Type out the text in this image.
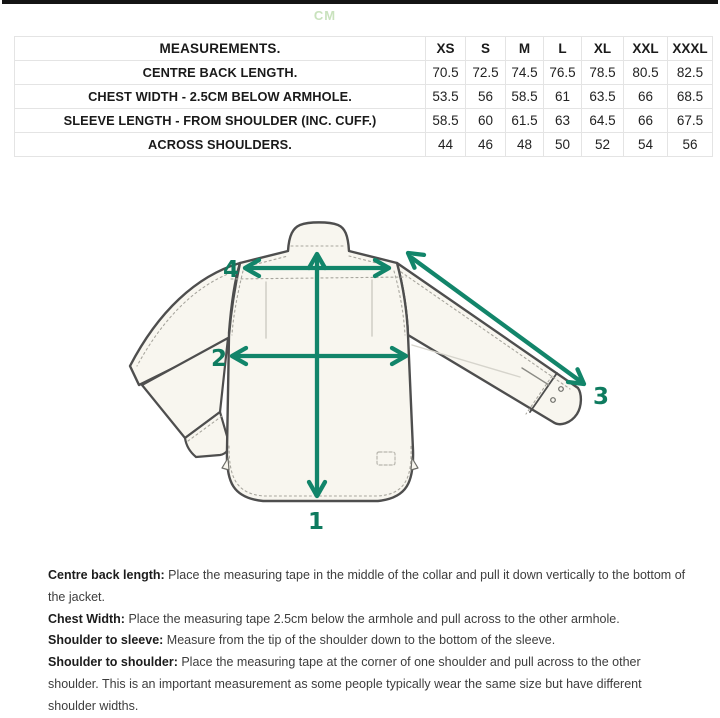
CM
MEASUREMENTS.	XS	S	M	L	XL	XXL	XXXL
CENTRE BACK LENGTH.	70.5	72.5	74.5	76.5	78.5	80.5	82.5
CHEST WIDTH - 2.5CM BELOW ARMHOLE.	53.5	56	58.5	61	63.5	66	68.5
SLEEVE LENGTH - FROM SHOULDER (INC. CUFF.)	58.5	60	61.5	63	64.5	66	67.5
ACROSS SHOULDERS.	44	46	48	50	52	54	56
1
2
3
4

Centre back length: Place the measuring tape in the middle of the collar and pull it down vertically to the bottom of the jacket.

Chest Width: Place the measuring tape 2.5cm below the armhole and pull across to the other armhole.

Shoulder to sleeve: Measure from the tip of the shoulder down to the bottom of the sleeve.

Shoulder to shoulder: Place the measuring tape at the corner of one shoulder and pull across to the other shoulder. This is an important measurement as some people typically wear the same size but have different shoulder widths.
